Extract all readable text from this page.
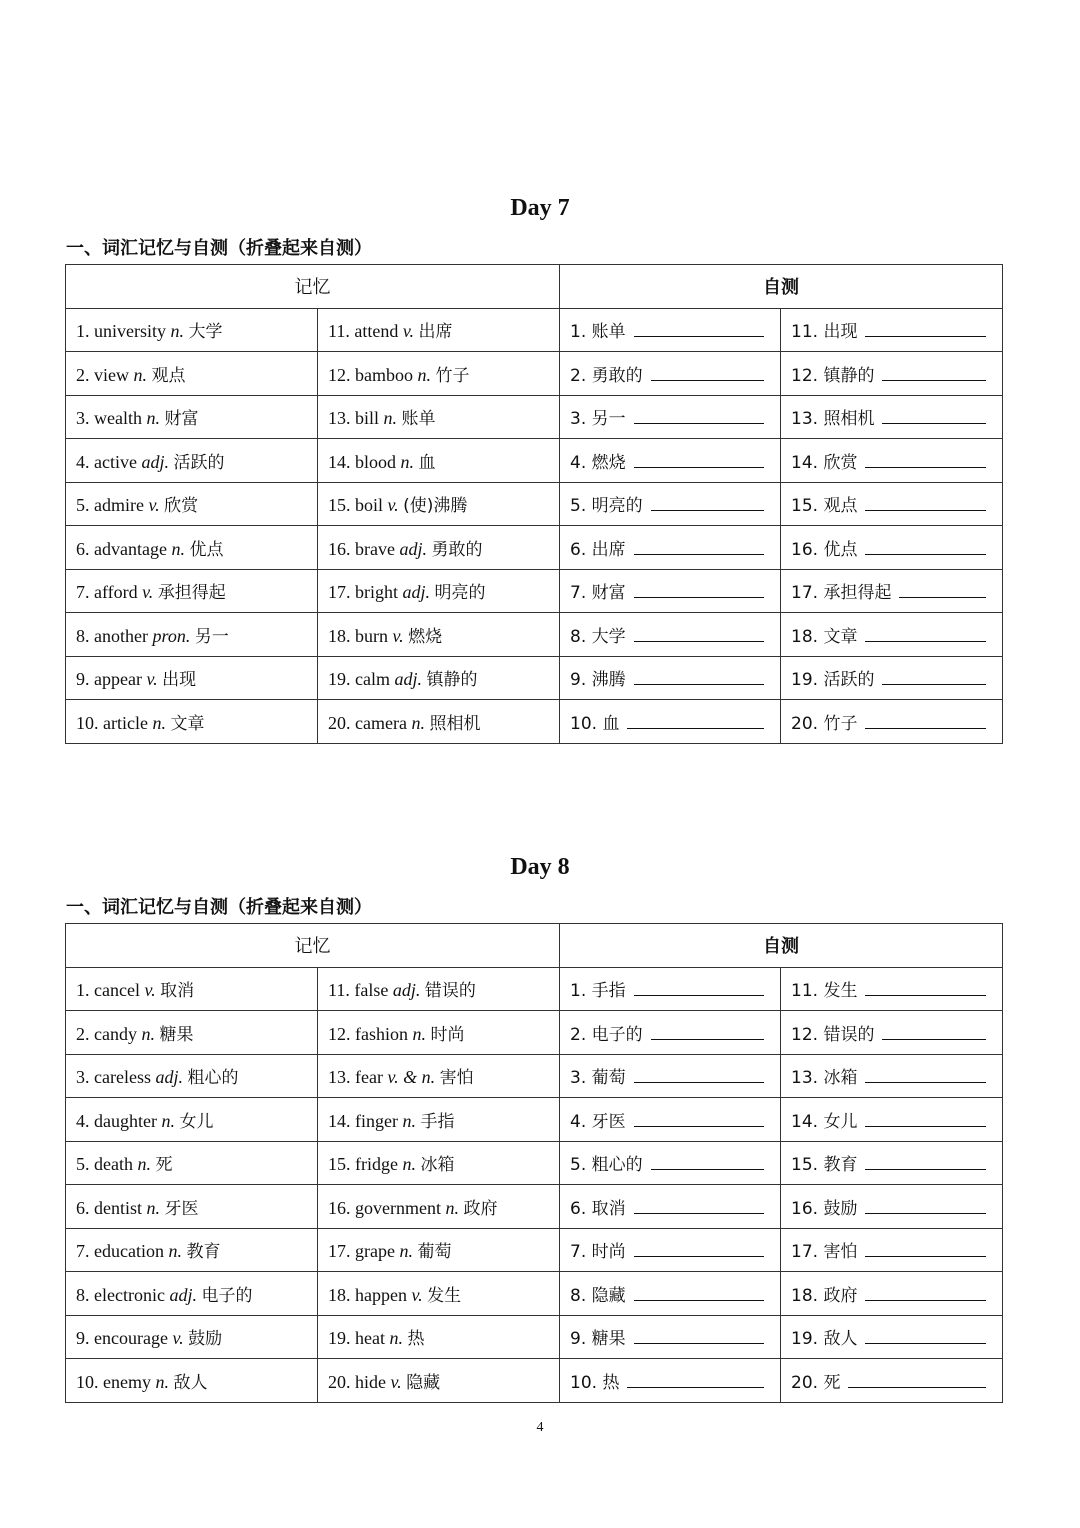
Day 7
一、词汇记忆与自测（折叠起来自测）
记忆		自测	
1. university n. 大学	11. attend v. 出席	1. 账单	11. 出现
2. view n. 观点	12. bamboo n. 竹子	2. 勇敢的	12. 镇静的
3. wealth n. 财富	13. bill n. 账单	3. 另一	13. 照相机
4. active adj. 活跃的	14. blood n. 血	4. 燃烧	14. 欣赏
5. admire v. 欣赏	15. boil v. (使)沸腾	5. 明亮的	15. 观点
6. advantage n. 优点	16. brave adj. 勇敢的	6. 出席	16. 优点
7. afford v. 承担得起	17. bright adj. 明亮的	7. 财富	17. 承担得起
8. another pron. 另一	18. burn v. 燃烧	8. 大学	18. 文章
9. appear v. 出现	19. calm adj. 镇静的	9. 沸腾	19. 活跃的
10. article n. 文章	20. camera n. 照相机	10. 血	20. 竹子
Day 8
一、词汇记忆与自测（折叠起来自测）
记忆		自测	
1. cancel v. 取消	11. false adj. 错误的	1. 手指	11. 发生
2. candy n. 糖果	12. fashion n. 时尚	2. 电子的	12. 错误的
3. careless adj. 粗心的	13. fear v. & n. 害怕	3. 葡萄	13. 冰箱
4. daughter n. 女儿	14. finger n. 手指	4. 牙医	14. 女儿
5. death n. 死	15. fridge n. 冰箱	5. 粗心的	15. 教育
6. dentist n. 牙医	16. government n. 政府	6. 取消	16. 鼓励
7. education n. 教育	17. grape n. 葡萄	7. 时尚	17. 害怕
8. electronic adj. 电子的	18. happen v. 发生	8. 隐藏	18. 政府
9. encourage v. 鼓励	19. heat n. 热	9. 糖果	19. 敌人
10. enemy n. 敌人	20. hide v. 隐藏	10. 热	20. 死
4
